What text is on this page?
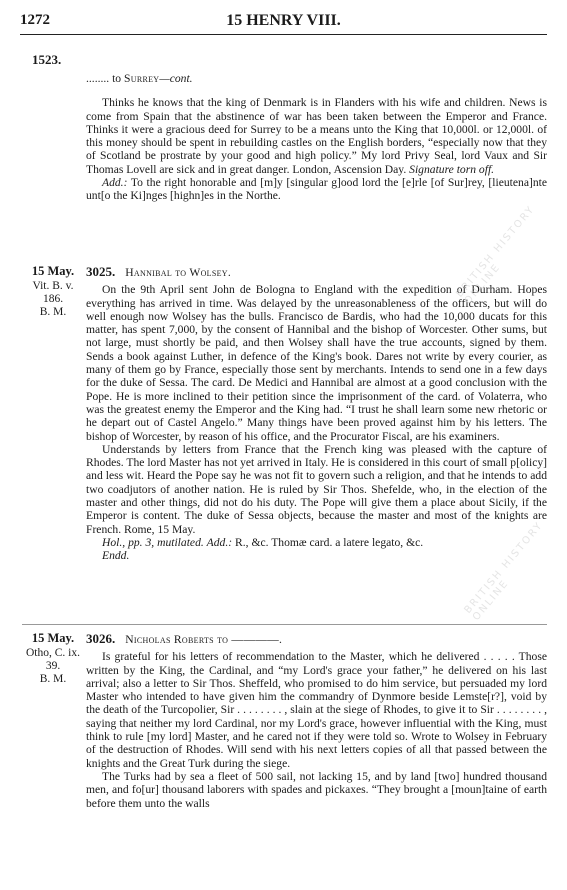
1272	15 HENRY VIII.
1523.

........ to Surrey—cont.

Thinks he knows that the king of Denmark is in Flanders with his wife and children. News is come from Spain that the abstinence of war has been taken between the Emperor and France. Thinks it were a gracious deed for Surrey to be a means unto the King that 10,000l. or 12,000l. of this money should be spent in rebuilding castles on the English borders, “especially now that they of Scotland be prostrate by your good and high policy.” My lord Privy Seal, lord Vaux and Sir Thomas Lovell are sick and in great danger. London, Ascension Day. Signature torn off.

Add.: To the right honorable and [m]y [singular g]ood lord the [e]rle [of Sur]rey, [lieutena]nte unt[o the Ki]nges [highn]es in the Northe.

15 May.
Vit. B. v.
186.
B. M.

3025. Hannibal to Wolsey.

On the 9th April sent John de Bologna to England with the expedition of Durham. Hopes everything has arrived in time. Was delayed by the unreasonableness of the officers, but will do well enough now Wolsey has the bulls. Francisco de Bardis, who had the 10,000 ducats for this matter, has spent 7,000, by the consent of Hannibal and the bishop of Worcester. Other sums, but not large, must shortly be paid, and then Wolsey shall have the true accounts, signed by them. Sends a book against Luther, in defence of the King's book. Dares not write by every courier, as many of them go by France, especially those sent by merchants. Intends to send one in a few days for the duke of Sessa. The card. De Medici and Hannibal are almost at a good conclusion with the Pope. He is more inclined to their petition since the imprisonment of the card. of Volaterra, who was the greatest enemy the Emperor and the King had. “I trust he shall learn some new rhetoric or he depart out of Castel Angelo.” Many things have been proved against him by his letters. The bishop of Worcester, by reason of his office, and the Procurator Fiscal, are his examiners.

Understands by letters from France that the French king was pleased with the capture of Rhodes. The lord Master has not yet arrived in Italy. He is considered in this court of small p[olicy] and less wit. Heard the Pope say he was not fit to govern such a religion, and that he intends to add two coadjutors of another nation. He is ruled by Sir Thos. Shefelde, who, in the election of the master and other things, did not do his duty. The Pope will give them a place about Sicily, if the Emperor is content. The duke of Sessa objects, because the master and most of the knights are French. Rome, 15 May.

Hol., pp. 3, mutilated. Add.: R., &c. Thomæ card. a latere legato, &c.

Endd.

15 May.
Otho, C. ix.
39.
B. M.

3026. Nicholas Roberts to ————.

Is grateful for his letters of recommendation to the Master, which he delivered . . . . . Those written by the King, the Cardinal, and “my Lord's grace your father,” he delivered on his last arrival; also a letter to Sir Thos. Sheffeld, who promised to do him service, but persuaded my lord Master who intended to have given him the commandry of Dynmore beside Lemste[r?], void by the death of the Turcopolier, Sir . . . . . . . . , slain at the siege of Rhodes, to give it to Sir . . . . . . . . , saying that neither my lord Cardinal, nor my Lord's grace, however influential with the King, must think to rule [my lord] Master, and he cared not if they were told so. Wrote to Wolsey in February of the destruction of Rhodes. Will send with his next letters copies of all that passed between the knights and the Great Turk during the siege.

The Turks had by sea a fleet of 500 sail, not lacking 15, and by land [two] hundred thousand men, and fo[ur] thousand laborers with spades and pickaxes. “They brought a [moun]taine of earth before them unto the walls

BRITISH HISTORY ONLINE
BRITISH HISTORY ONLINE
